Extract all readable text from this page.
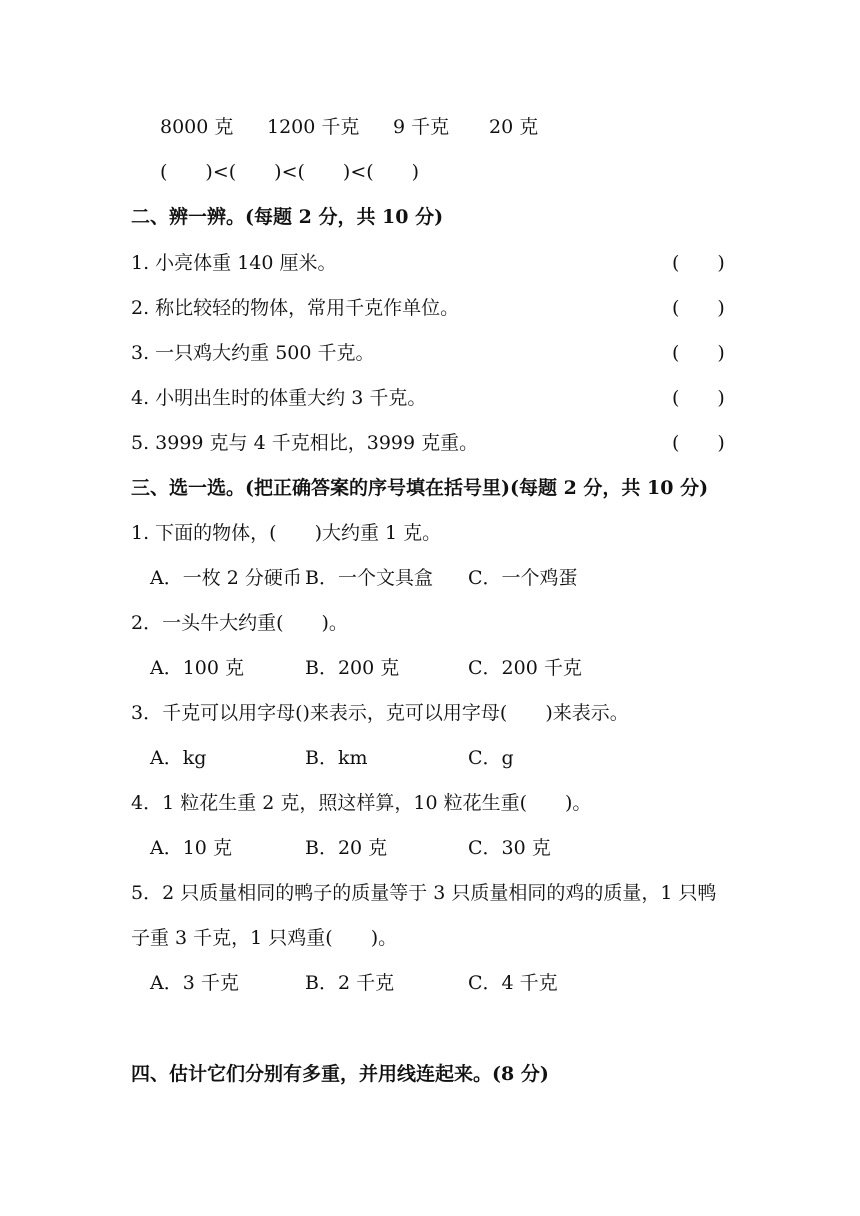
8000 克 1200 千克 9 千克 20 克
(　　)<(　　)<(　　)<(　　)
二、辨一辨。(每题 2 分，共 10 分)
1. 小亮体重 140 厘米。	(　　)
2. 称比较轻的物体，常用千克作单位。	(　　)
3. 一只鸡大约重 500 千克。	(　　)
4. 小明出生时的体重大约 3 千克。	(　　)
5. 3999 克与 4 千克相比，3999 克重。	(　　)
三、选一选。(把正确答案的序号填在括号里)(每题 2 分，共 10 分)
1. 下面的物体，(　　)大约重 1 克。
A．一枚 2 分硬币 B．一个文具盒 C．一个鸡蛋
2．一头牛大约重(　　)。
A．100 克	B．200 克	C．200 千克
3．千克可以用字母()来表示，克可以用字母(　　)来表示。
A．kg	B．km	C．g
4．1 粒花生重 2 克，照这样算，10 粒花生重(　　)。
A．10 克	B．20 克	C．30 克
5．2 只质量相同的鸭子的质量等于 3 只质量相同的鸡的质量，1 只鸭
子重 3 千克，1 只鸡重(　　)。
A．3 千克	B．2 千克	C．4 千克
四、估计它们分别有多重，并用线连起来。(8 分)
